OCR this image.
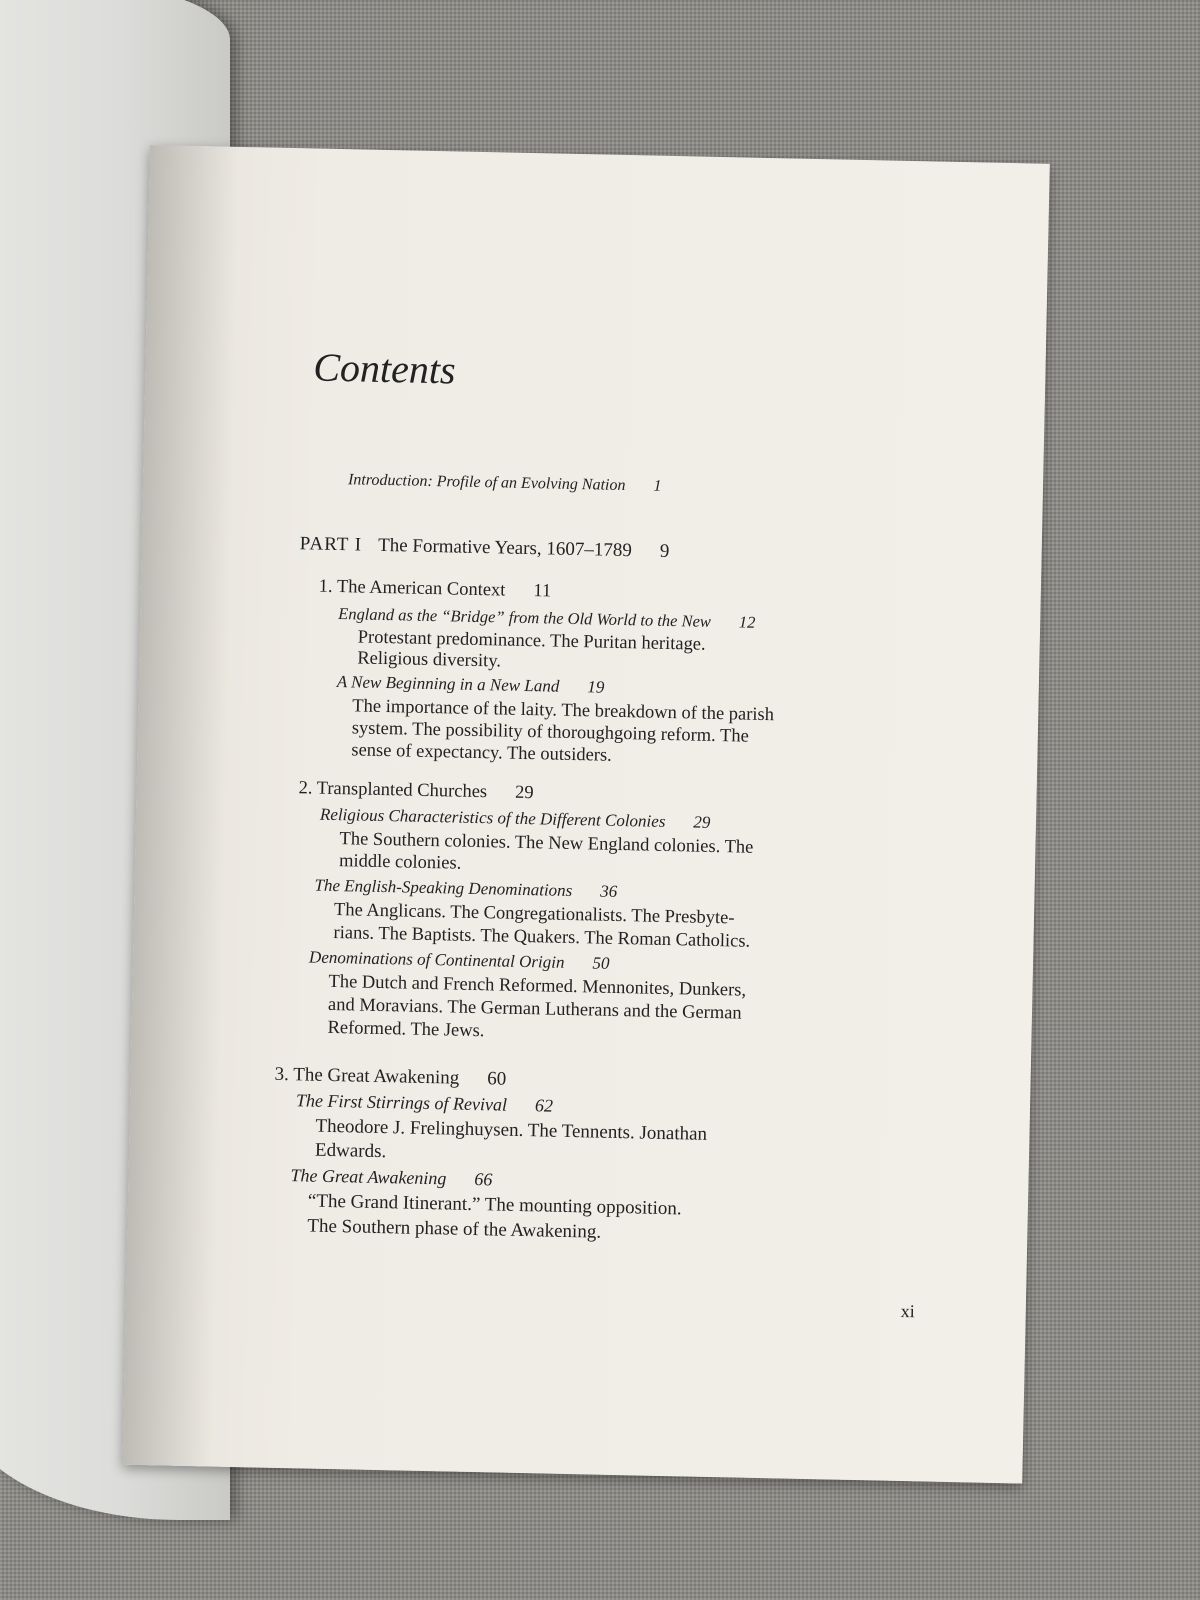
Contents
Introduction: Profile of an Evolving Nation 1
PART I The Formative Years, 1607–1789 9
1. The American Context 11
England as the “Bridge” from the Old World to the New 12
Protestant predominance. The Puritan heritage.
Religious diversity.
A New Beginning in a New Land 19
The importance of the laity. The breakdown of the parish
system. The possibility of thoroughgoing reform. The
sense of expectancy. The outsiders.
2. Transplanted Churches 29
Religious Characteristics of the Different Colonies 29
The Southern colonies. The New England colonies. The
middle colonies.
The English-Speaking Denominations 36
The Anglicans. The Congregationalists. The Presbyte-
rians. The Baptists. The Quakers. The Roman Catholics.
Denominations of Continental Origin 50
The Dutch and French Reformed. Mennonites, Dunkers,
and Moravians. The German Lutherans and the German
Reformed. The Jews.
3. The Great Awakening 60
The First Stirrings of Revival 62
Theodore J. Frelinghuysen. The Tennents. Jonathan
Edwards.
The Great Awakening 66
“The Grand Itinerant.” The mounting opposition.
The Southern phase of the Awakening.
xi
